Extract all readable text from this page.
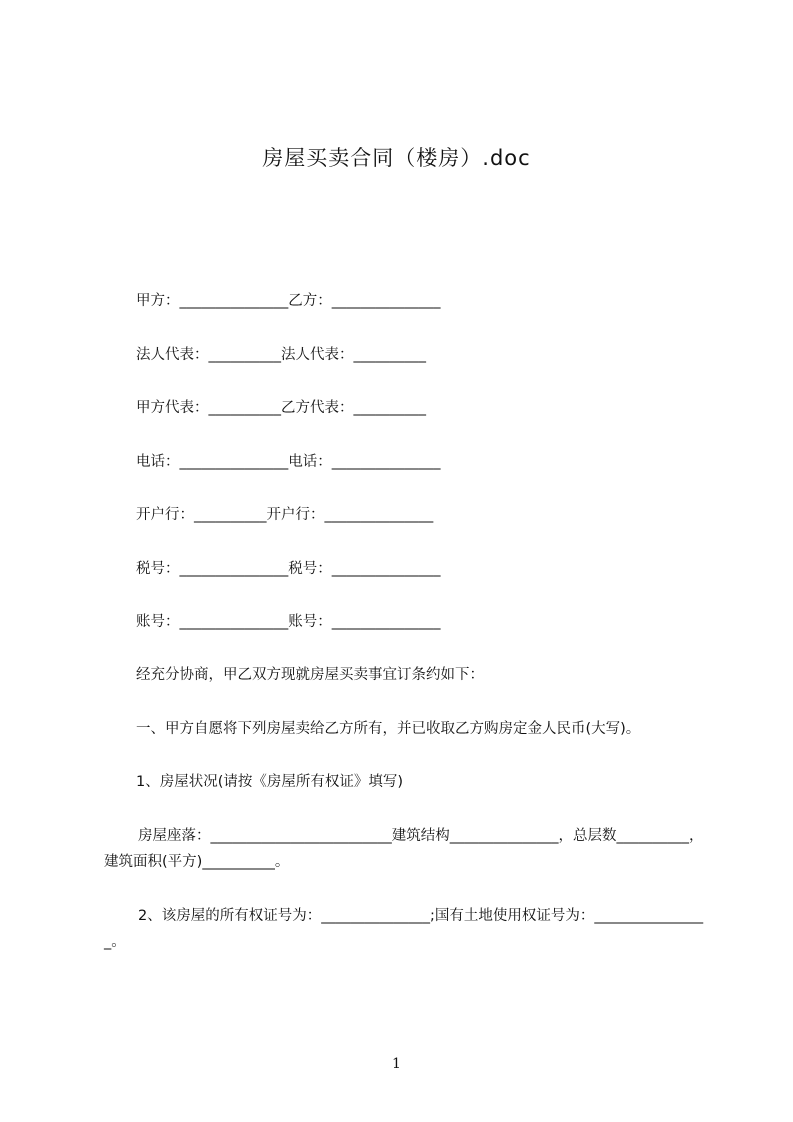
房屋买卖合同（楼房）.doc
甲方：_______________乙方：_______________
法人代表：__________法人代表：__________
甲方代表：__________乙方代表：__________
电话：_______________电话：_______________
开户行：__________开户行：_______________
税号：_______________税号：_______________
账号：_______________账号：_______________
经充分协商，甲乙双方现就房屋买卖事宜订条约如下：
一、甲方自愿将下列房屋卖给乙方所有，并已收取乙方购房定金人民币(大写)。
1、房屋状况(请按《房屋所有权证》填写)
房屋座落：_________________________建筑结构_______________，总层数__________，建筑面积(平方)__________。
2、该房屋的所有权证号为：_______________;国有土地使用权证号为：________________。
1
